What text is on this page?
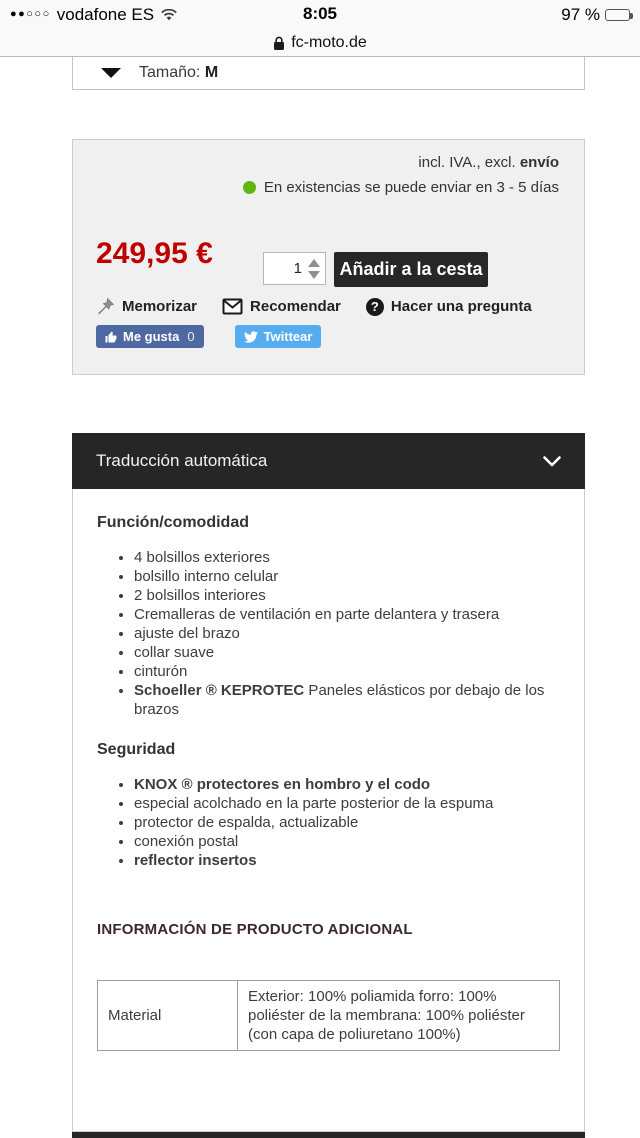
●●○○○ vodafone ES	8:05	97 %
fc-moto.de
Tamaño: M
incl. IVA., excl. envío
En existencias se puede enviar en 3 - 5 días
249,95 €
1	Añadir a la cesta
Memorizar	Recomendar	? Hacer una pregunta
Me gusta 0	Twittear
Traducción automática
Función/comodidad
• 4 bolsillos exteriores
• bolsillo interno celular
• 2 bolsillos interiores
• Cremalleras de ventilación en parte delantera y trasera
• ajuste del brazo
• collar suave
• cinturón
• Schoeller ® KEPROTEC Paneles elásticos por debajo de los brazos
Seguridad
• KNOX ® protectores en hombro y el codo
• especial acolchado en la parte posterior de la espuma
• protector de espalda, actualizable
• conexión postal
• reflector insertos
INFORMACIÓN DE PRODUCTO ADICIONAL
Material	Exterior: 100% poliamida forro: 100% poliéster de la membrana: 100% poliéster (con capa de poliuretano 100%)
